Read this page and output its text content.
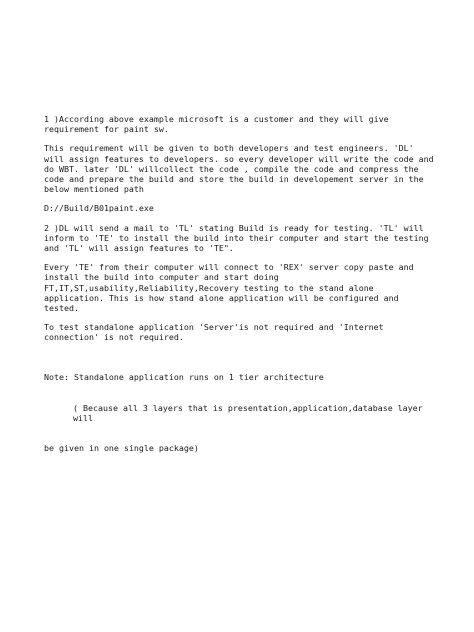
1 )According above example microsoft is a customer and they will give requirement for paint sw.

This requirement will be given to both developers and test engineers. 'DL' will assign features to developers. so every developer will write the code and do WBT. later 'DL' willcollect the code , compile the code and compress the code and prepare the build and store the build in developement server in the below mentioned path

D://Build/B01paint.exe

2 )DL will send a mail to 'TL' stating Build is ready for testing. 'TL' will inform to 'TE' to install the build into their computer and start the testing and 'TL' will assign features to 'TE".

Every 'TE' from their computer will connect to 'REX' server copy paste and install the build into computer and start doing FT,IT,ST,usability,Reliability,Recovery testing to the stand alone application. This is how stand alone application will be configured and tested.

To test standalone application 'Server'is not required and 'Internet connection' is not required.

Note: Standalone application runs on 1 tier architecture

( Because all 3 layers that is presentation,application,database layer will

be given in one single package)
